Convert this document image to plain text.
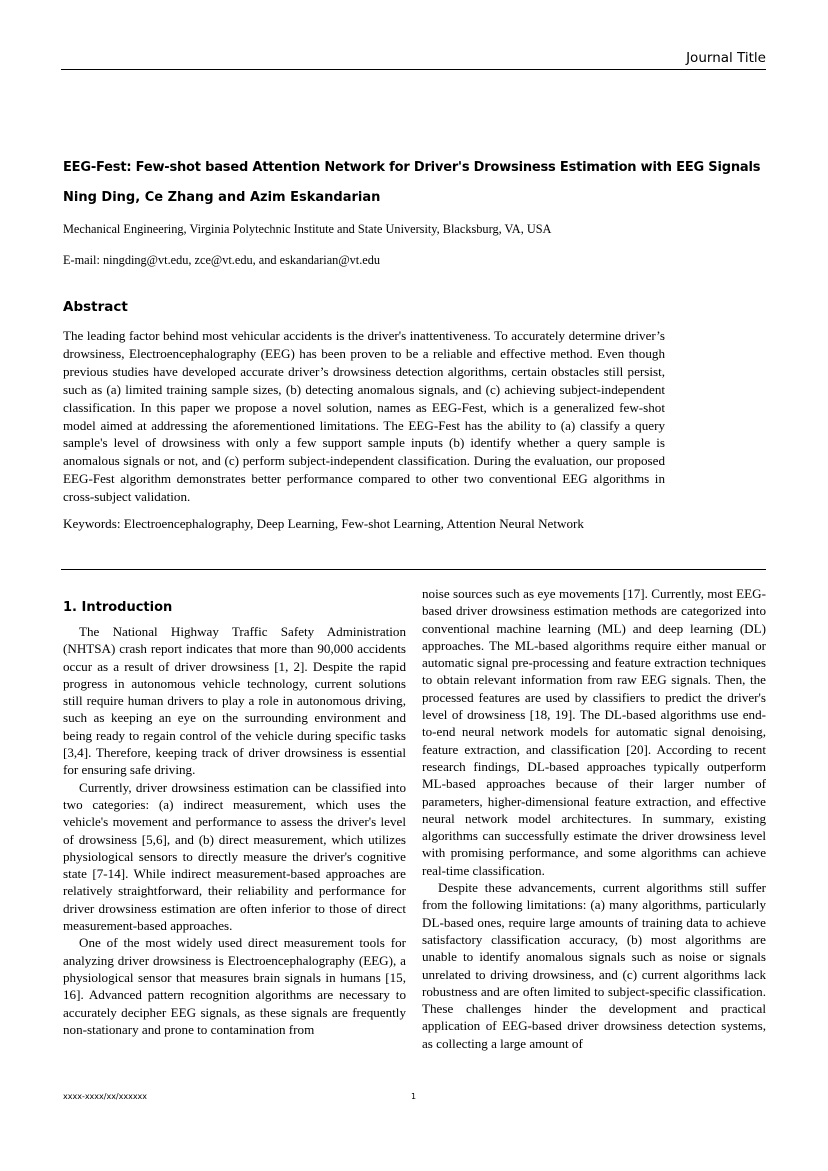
Journal Title
EEG-Fest: Few-shot based Attention Network for Driver's Drowsiness Estimation with EEG Signals
Ning Ding, Ce Zhang and Azim Eskandarian
Mechanical Engineering, Virginia Polytechnic Institute and State University, Blacksburg, VA, USA
E-mail: ningding@vt.edu, zce@vt.edu, and eskandarian@vt.edu
Abstract
The leading factor behind most vehicular accidents is the driver's inattentiveness. To accurately determine driver’s drowsiness, Electroencephalography (EEG) has been proven to be a reliable and effective method. Even though previous studies have developed accurate driver’s drowsiness detection algorithms, certain obstacles still persist, such as (a) limited training sample sizes, (b) detecting anomalous signals, and (c) achieving subject-independent classification. In this paper we propose a novel solution, names as EEG-Fest, which is a generalized few-shot model aimed at addressing the aforementioned limitations. The EEG-Fest has the ability to (a) classify a query sample's level of drowsiness with only a few support sample inputs (b) identify whether a query sample is anomalous signals or not, and (c) perform subject-independent classification. During the evaluation, our proposed EEG-Fest algorithm demonstrates better performance compared to other two conventional EEG algorithms in cross-subject validation.
Keywords: Electroencephalography, Deep Learning, Few-shot Learning, Attention Neural Network
1. Introduction

The National Highway Traffic Safety Administration (NHTSA) crash report indicates that more than 90,000 accidents occur as a result of driver drowsiness [1, 2]. Despite the rapid progress in autonomous vehicle technology, current solutions still require human drivers to play a role in autonomous driving, such as keeping an eye on the surrounding environment and being ready to regain control of the vehicle during specific tasks [3,4]. Therefore, keeping track of driver drowsiness is essential for ensuring safe driving.

Currently, driver drowsiness estimation can be classified into two categories: (a) indirect measurement, which uses the vehicle's movement and performance to assess the driver's level of drowsiness [5,6], and (b) direct measurement, which utilizes physiological sensors to directly measure the driver's cognitive state [7-14]. While indirect measurement-based approaches are relatively straightforward, their reliability and performance for driver drowsiness estimation are often inferior to those of direct measurement-based approaches.

One of the most widely used direct measurement tools for analyzing driver drowsiness is Electroencephalography (EEG), a physiological sensor that measures brain signals in humans [15, 16]. Advanced pattern recognition algorithms are necessary to accurately decipher EEG signals, as these signals are frequently non-stationary and prone to contamination from

noise sources such as eye movements [17]. Currently, most EEG-based driver drowsiness estimation methods are categorized into conventional machine learning (ML) and deep learning (DL) approaches. The ML-based algorithms require either manual or automatic signal pre-processing and feature extraction techniques to obtain relevant information from raw EEG signals. Then, the processed features are used by classifiers to predict the driver's level of drowsiness [18, 19]. The DL-based algorithms use end-to-end neural network models for automatic signal denoising, feature extraction, and classification [20]. According to recent research findings, DL-based approaches typically outperform ML-based approaches because of their larger number of parameters, higher-dimensional feature extraction, and effective neural network model architectures. In summary, existing algorithms can successfully estimate the driver drowsiness level with promising performance, and some algorithms can achieve real-time classification.

Despite these advancements, current algorithms still suffer from the following limitations: (a) many algorithms, particularly DL-based ones, require large amounts of training data to achieve satisfactory classification accuracy, (b) most algorithms are unable to identify anomalous signals such as noise or signals unrelated to driving drowsiness, and (c) current algorithms lack robustness and are often limited to subject-specific classification. These challenges hinder the development and practical application of EEG-based driver drowsiness detection systems, as collecting a large amount of

xxxx-xxxx/xx/xxxxxx	1
